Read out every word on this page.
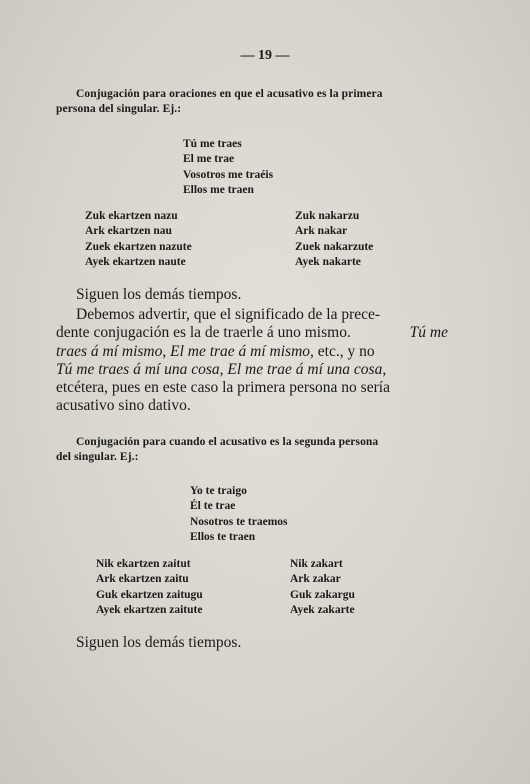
— 19 —
Conjugación para oraciones en que el acusativo es la primera
persona del singular. Ej.:
Tú me traes
El me trae
Vosotros me traéis
Ellos me traen
Zuk ekartzen nazu
Ark ekartzen nau
Zuek ekartzen nazute
Ayek ekartzen naute
Zuk nakarzu
Ark nakar
Zuek nakarzute
Ayek nakarte
Siguen los demás tiempos.
Debemos advertir, que el significado de la prece-
dente conjugación es la de traerle á uno mismo.	Tú me
traes á mí mismo, El me trae á mí mismo, etc., y no
Tú me traes á mí una cosa, El me trae á mí una cosa,
etcétera, pues en este caso la primera persona no sería
acusativo sino dativo.
Conjugación para cuando el acusativo es la segunda persona
del singular. Ej.:
Yo te traigo
Él te trae
Nosotros te traemos
Ellos te traen
Nik ekartzen zaitut
Ark ekartzen zaitu
Guk ekartzen zaitugu
Ayek ekartzen zaitute
Nik zakart
Ark zakar
Guk zakargu
Ayek zakarte
Siguen los demás tiempos.
